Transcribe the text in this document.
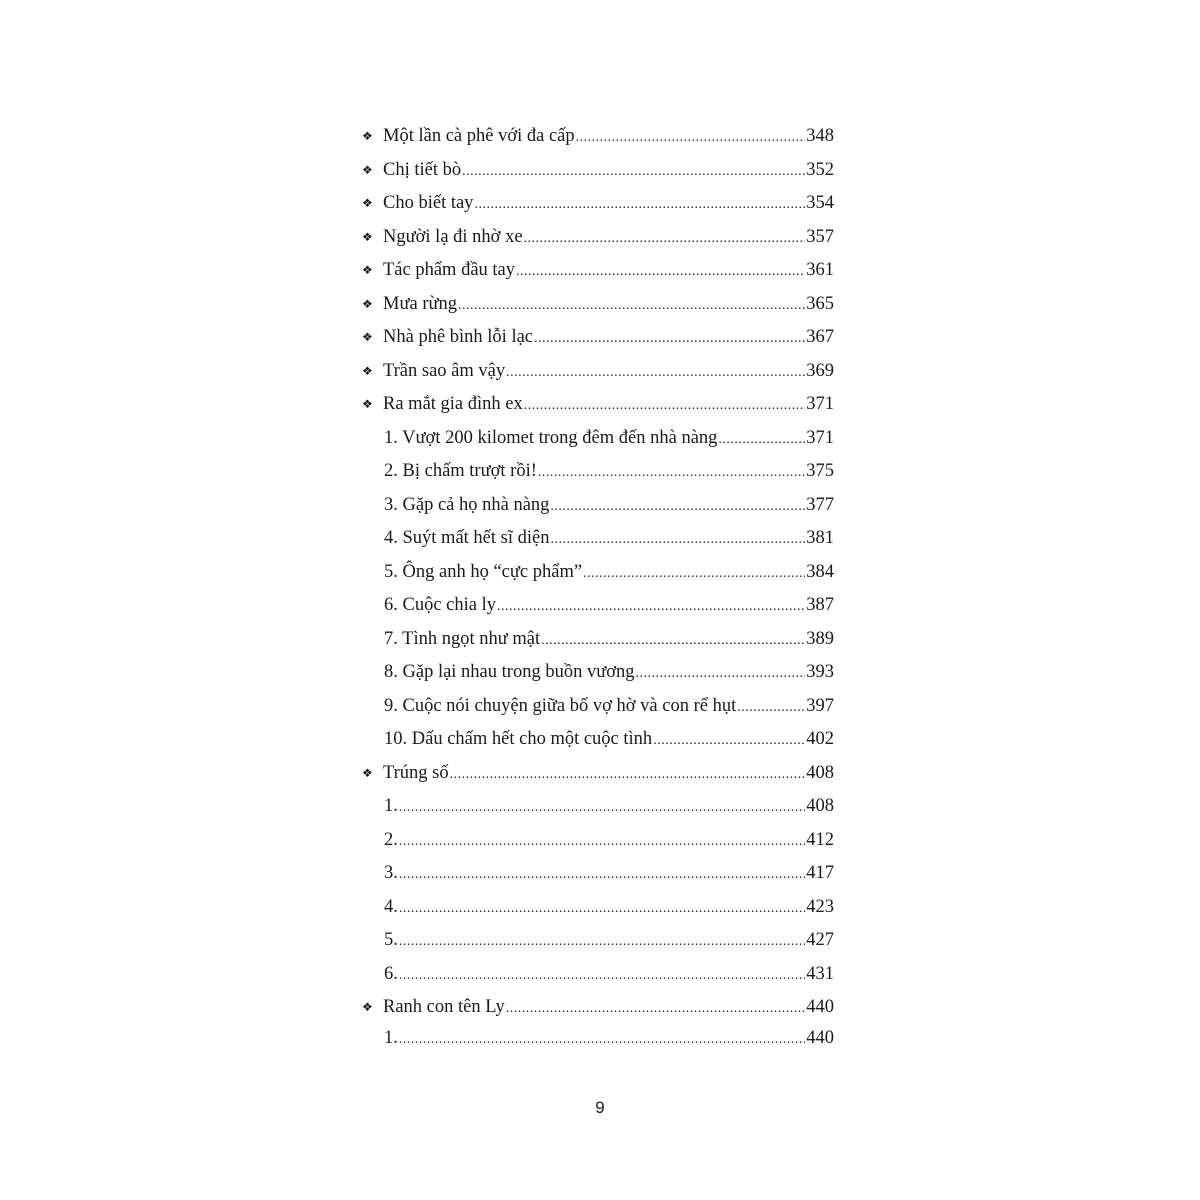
❖ Một lần cà phê với đa cấp .....	348
❖ Chị tiết bò .....	352
❖ Cho biết tay .....	354
❖ Người lạ đi nhờ xe .....	357
❖ Tác phẩm đầu tay .....	361
❖ Mưa rừng .....	365
❖ Nhà phê bình lỗi lạc .....	367
❖ Trần sao âm vậy .....	369
❖ Ra mắt gia đình ex .....	371
1. Vượt 200 kilomet trong đêm đến nhà nàng .....	371
2. Bị chấm trượt rồi! .....	375
3. Gặp cả họ nhà nàng .....	377
4. Suýt mất hết sĩ diện .....	381
5. Ông anh họ “cực phẩm” .....	384
6. Cuộc chia ly .....	387
7. Tình ngọt như mật .....	389
8. Gặp lại nhau trong buồn vương .....	393
9. Cuộc nói chuyện giữa bố vợ hờ và con rể hụt .....	397
10. Dấu chấm hết cho một cuộc tình .....	402
❖ Trúng số .....	408
1. .....	408
2. .....	412
3. .....	417
4. .....	423
5. .....	427
6. .....	431
❖ Ranh con tên Ly .....	440
1. .....	440
9
